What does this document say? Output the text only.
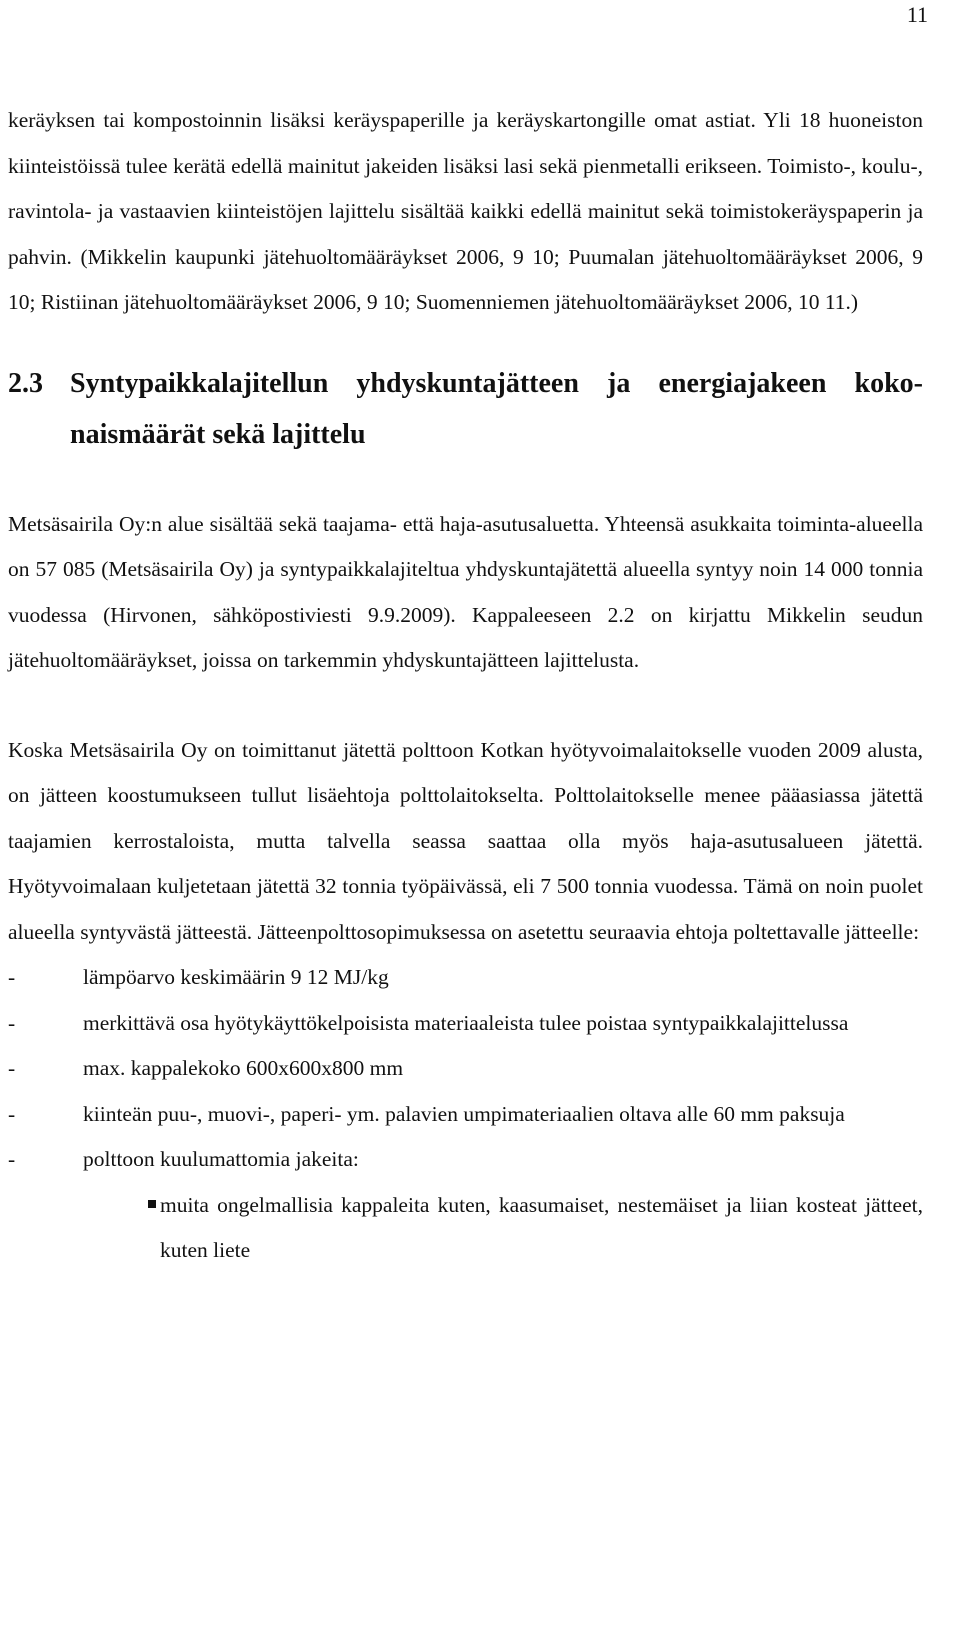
11

keräyksen tai kompostoinnin lisäksi keräyspaperille ja keräyskartongille omat astiat. Yli 18 huoneiston kiinteistöissä tulee kerätä edellä mainitut jakeiden lisäksi lasi sekä pienmetalli erikseen. Toimisto-, koulu-, ravintola- ja vastaavien kiinteistöjen lajittelu sisältää kaikki edellä mainitut sekä toimistokeräyspaperin ja pahvin. (Mikkelin kaupunki jätehuoltomääräykset 2006, 9 10; Puumalan jätehuoltomääräykset 2006, 9 10; Ristiinan jätehuoltomääräykset 2006, 9 10; Suomenniemen jätehuoltomääräykset 2006, 10 11.)

2.3 Syntypaikkalajitellun yhdyskuntajätteen ja energiajakeen kokonaismäärät sekä lajittelu

Metsäsairila Oy:n alue sisältää sekä taajama- että haja-asutusaluetta. Yhteensä asukkaita toiminta-alueella on 57 085 (Metsäsairila Oy) ja syntypaikkalajiteltua yhdyskuntajätettä alueella syntyy noin 14 000 tonnia vuodessa (Hirvonen, sähköpostiviesti 9.9.2009). Kappaleeseen 2.2 on kirjattu Mikkelin seudun jätehuoltomääräykset, joissa on tarkemmin yhdyskuntajätteen lajittelusta.

Koska Metsäsairila Oy on toimittanut jätettä polttoon Kotkan hyötyvoimalaitokselle vuoden 2009 alusta, on jätteen koostumukseen tullut lisäehtoja polttolaitokselta. Polttolaitokselle menee pääasiassa jätettä taajamien kerrostaloista, mutta talvella seassa saattaa olla myös haja-asutusalueen jätettä. Hyötyvoimalaan kuljetetaan jätettä 32 tonnia työpäivässä, eli 7 500 tonnia vuodessa. Tämä on noin puolet alueella syntyvästä jätteestä. Jätteenpolttosopimuksessa on asetettu seuraavia ehtoja poltettavalle jätteelle:

-	lämpöarvo keskimäärin 9 12 MJ/kg
-	merkittävä osa hyötykäyttökelpoisista materiaaleista tulee poistaa syntypaikkalajittelussa
-	max. kappalekoko 600x600x800 mm
-	kiinteän puu-, muovi-, paperi- ym. palavien umpimateriaalien oltava alle 60 mm paksuja
-	polttoon kuulumattomia jakeita:
muita ongelmallisia kappaleita kuten, kaasumaiset, nestemäiset ja liian kosteat jätteet, kuten liete
